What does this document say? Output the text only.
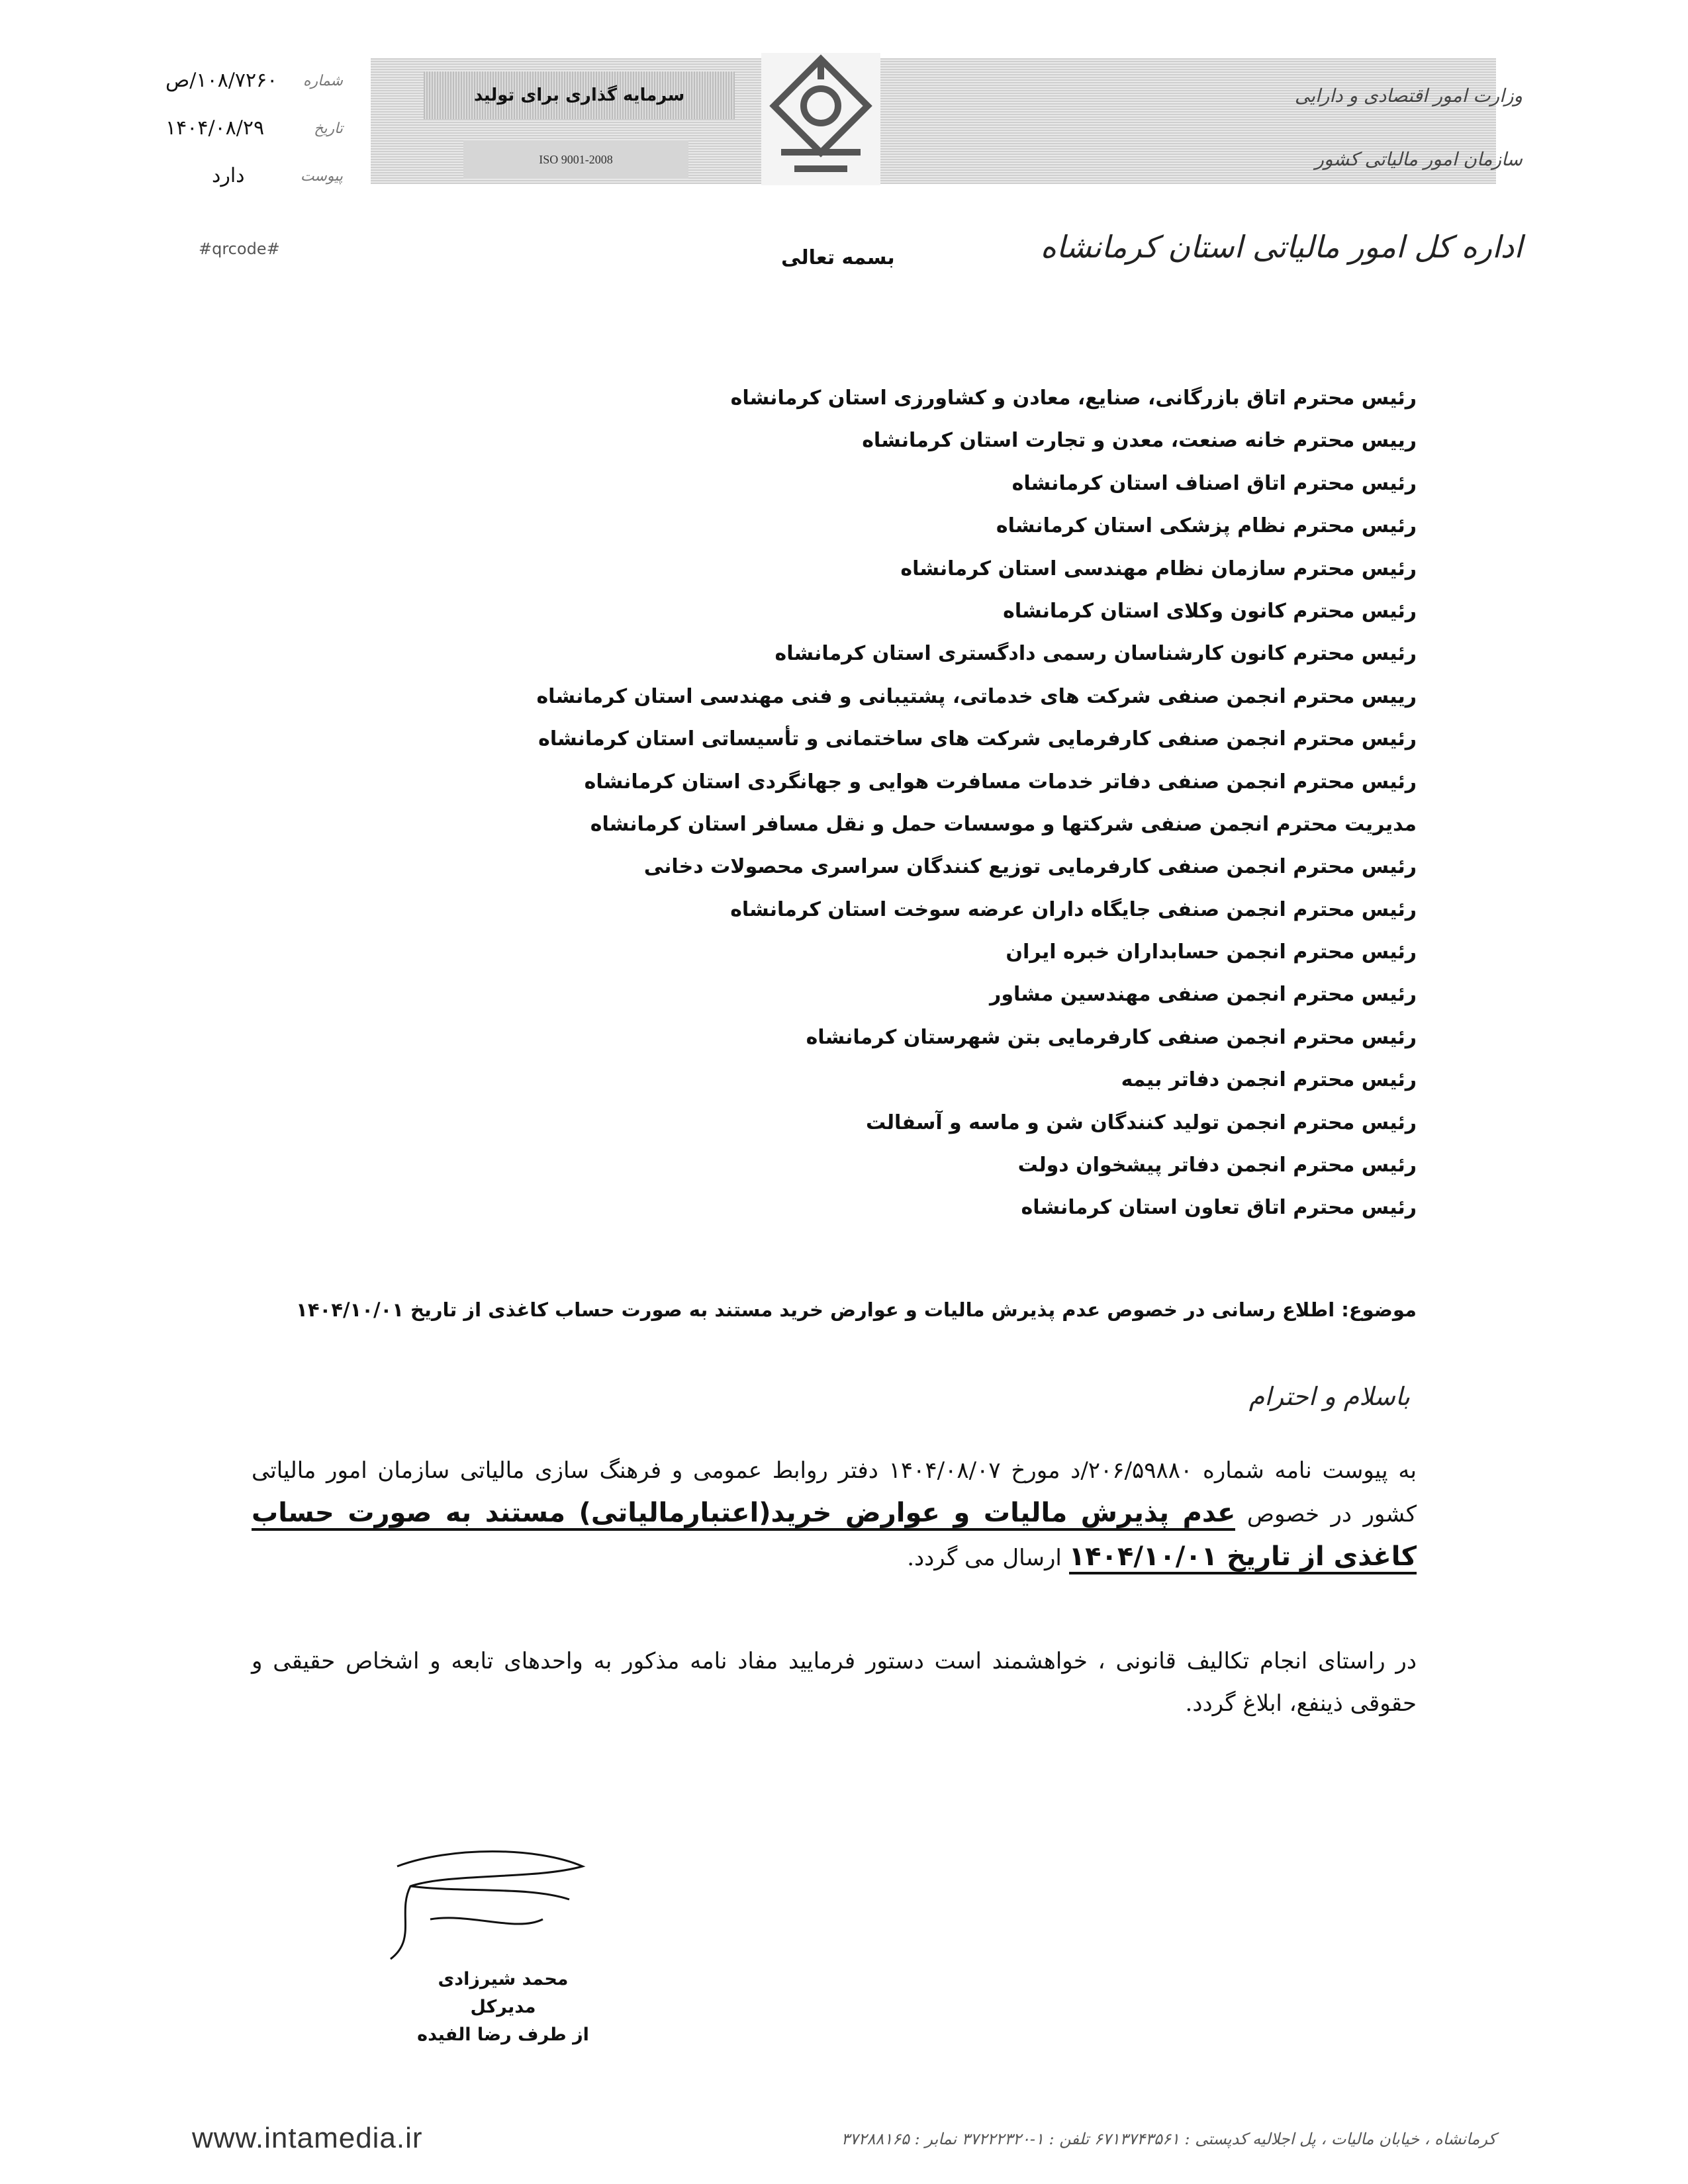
سرمایه گذاری برای تولید
ISO 9001-2008
وزارت امور اقتصادی و دارایی
سازمان امور مالیاتی کشور
۱۰۸/۷۲۶۰/ص شماره
۱۴۰۴/۰۸/۲۹	تاریخ
دارد	پیوست
#qrcode#	بسمه تعالی	اداره کل امور مالیاتی استان کرمانشاه
رئیس محترم اتاق بازرگانی، صنایع، معادن و کشاورزی استان کرمانشاه
رییس محترم خانه صنعت، معدن و تجارت استان کرمانشاه
رئیس محترم اتاق اصناف استان کرمانشاه
رئیس محترم نظام پزشکی استان کرمانشاه
رئیس محترم سازمان نظام مهندسی استان کرمانشاه
رئیس محترم کانون وکلای استان کرمانشاه
رئیس محترم کانون کارشناسان رسمی دادگستری استان کرمانشاه
رییس محترم انجمن صنفی شرکت های خدماتی، پشتیبانی و فنی مهندسی استان کرمانشاه
رئیس محترم انجمن صنفی کارفرمایی شرکت های ساختمانی و تأسیساتی استان کرمانشاه
رئیس محترم انجمن صنفی دفاتر خدمات مسافرت هوایی و جهانگردی استان کرمانشاه
مدیریت محترم انجمن صنفی شرکتها و موسسات حمل و نقل مسافر استان کرمانشاه
رئیس محترم انجمن صنفی کارفرمایی توزیع کنندگان سراسری محصولات دخانی
رئیس محترم انجمن صنفی جایگاه داران عرضه سوخت استان کرمانشاه
رئیس محترم انجمن حسابداران خبره ایران
رئیس محترم انجمن صنفی مهندسین مشاور
رئیس محترم انجمن صنفی کارفرمایی بتن شهرستان کرمانشاه
رئیس محترم انجمن دفاتر بیمه
رئیس محترم انجمن تولید کنندگان شن و ماسه و آسفالت
رئیس محترم انجمن دفاتر پیشخوان دولت
رئیس محترم اتاق تعاون استان کرمانشاه
موضوع: اطلاع رسانی در خصوص عدم پذیرش مالیات و عوارض خرید مستند به صورت حساب کاغذی از تاریخ ۱۴۰۴/۱۰/۰۱
باسلام و احترام

به پیوست نامه شماره ۲۰۶/۵۹۸۸۰/د مورخ ۱۴۰۴/۰۸/۰۷ دفتر روابط عمومی و فرهنگ سازی مالیاتی سازمان امور مالیاتی کشور در خصوص عدم پذیرش مالیات و عوارض خرید(اعتبارمالیاتی) مستند به صورت حساب کاغذی از تاریخ ۱۴۰۴/۱۰/۰۱ ارسال می گردد.

در راستای انجام تکالیف قانونی ، خواهشمند است دستور فرمایید مفاد نامه مذکور به واحدهای تابعه و اشخاص حقیقی و حقوقی ذینفع، ابلاغ گردد.

محمد شیرزادی
مدیرکل
از طرف رضا الفیده
کرمانشاه ، خیابان مالیات ، پل اجلالیه کدپستی : ۶۷۱۳۷۴۳۵۶۱ تلفن : ۱-۳۷۲۲۲۳۲۰ نمابر : ۳۷۲۸۸۱۶۵
www.intamedia.ir
